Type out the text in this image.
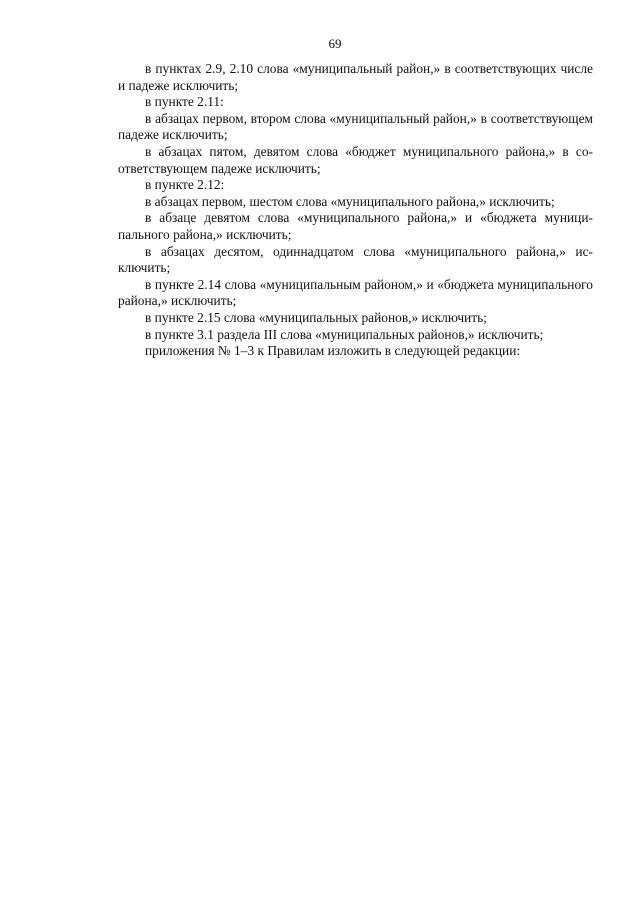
69

в пунктах 2.9, 2.10 слова «муниципальный район,» в соответствующих числе и падеже исключить;

в пункте 2.11:

в абзацах первом, втором слова «муниципальный район,» в соответствующем падеже исключить;

в абзацах пятом, девятом слова «бюджет муниципального района,» в соответствующем падеже исключить;

в пункте 2.12:

в абзацах первом, шестом слова «муниципального района,» исключить;

в абзаце девятом слова «муниципального района,» и «бюджета муниципального района,» исключить;

в абзацах десятом, одиннадцатом слова «муниципального района,» исключить;

в пункте 2.14 слова «муниципальным районом,» и «бюджета муниципального района,» исключить;

в пункте 2.15 слова «муниципальных районов,» исключить;

в пункте 3.1 раздела III слова «муниципальных районов,» исключить;

приложения № 1–3 к Правилам изложить в следующей редакции:
